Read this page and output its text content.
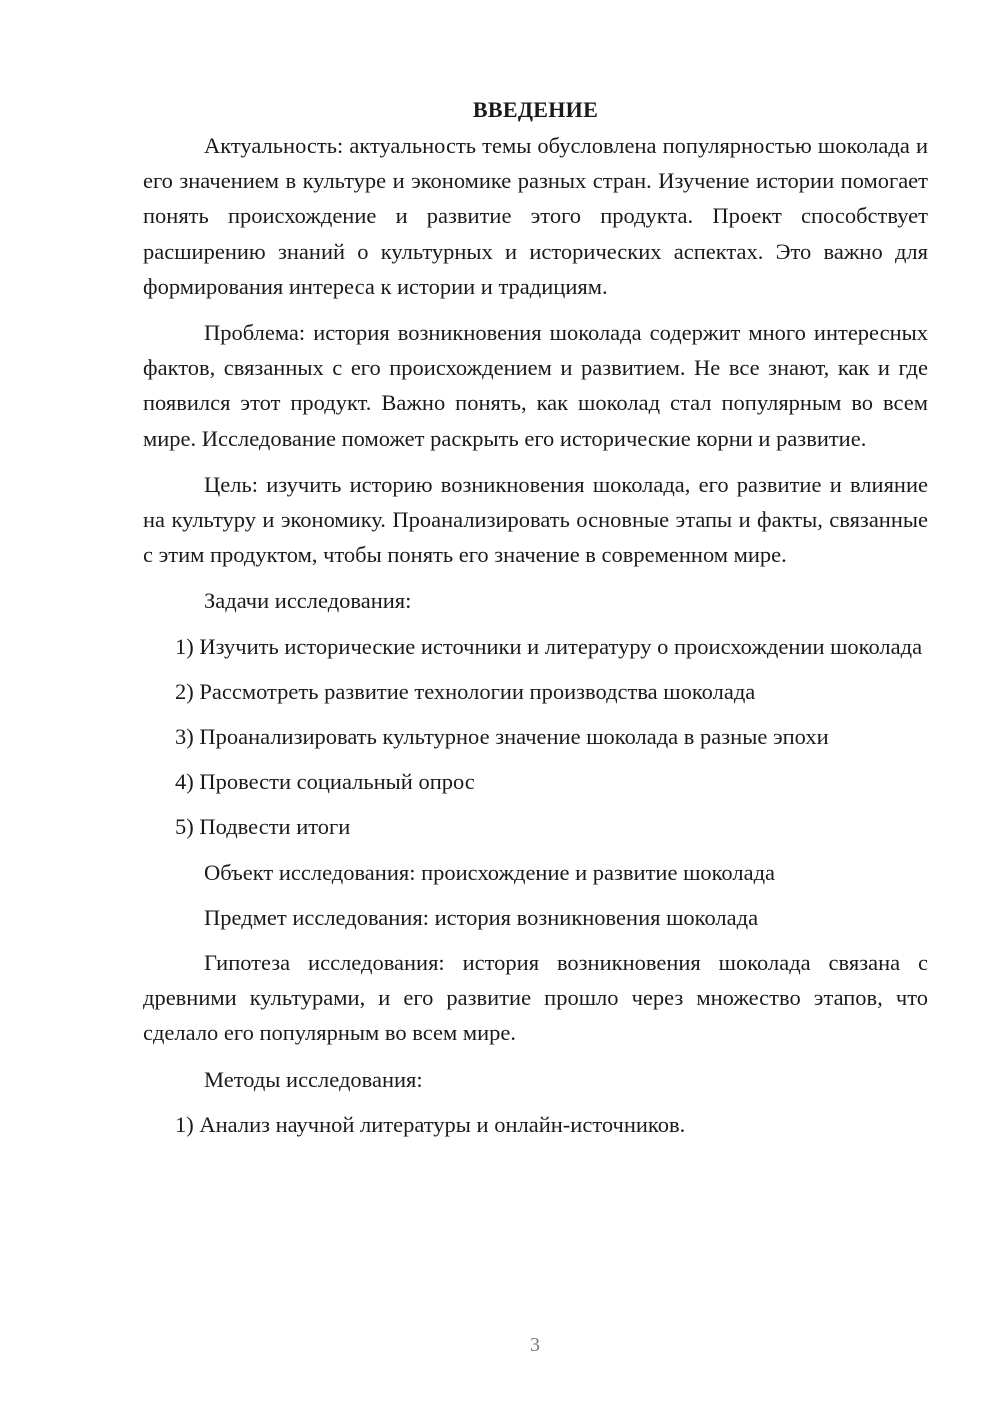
ВВЕДЕНИЕ

Актуальность: актуальность темы обусловлена популярностью шоколада и его значением в культуре и экономике разных стран. Изучение истории помогает понять происхождение и развитие этого продукта. Проект способствует расширению знаний о культурных и исторических аспектах. Это важно для формирования интереса к истории и традициям.

Проблема: история возникновения шоколада содержит много интересных фактов, связанных с его происхождением и развитием. Не все знают, как и где появился этот продукт. Важно понять, как шоколад стал популярным во всем мире. Исследование поможет раскрыть его исторические корни и развитие.

Цель: изучить историю возникновения шоколада, его развитие и влияние на культуру и экономику. Проанализировать основные этапы и факты, связанные с этим продуктом, чтобы понять его значение в современном мире.

Задачи исследования:

1) Изучить исторические источники и литературу о происхождении шоколада

2) Рассмотреть развитие технологии производства шоколада

3) Проанализировать культурное значение шоколада в разные эпохи

4) Провести социальный опрос

5) Подвести итоги

Объект исследования: происхождение и развитие шоколада

Предмет исследования: история возникновения шоколада

Гипотеза исследования: история возникновения шоколада связана с древними культурами, и его развитие прошло через множество этапов, что сделало его популярным во всем мире.

Методы исследования:

1) Анализ научной литературы и онлайн-источников.

3
